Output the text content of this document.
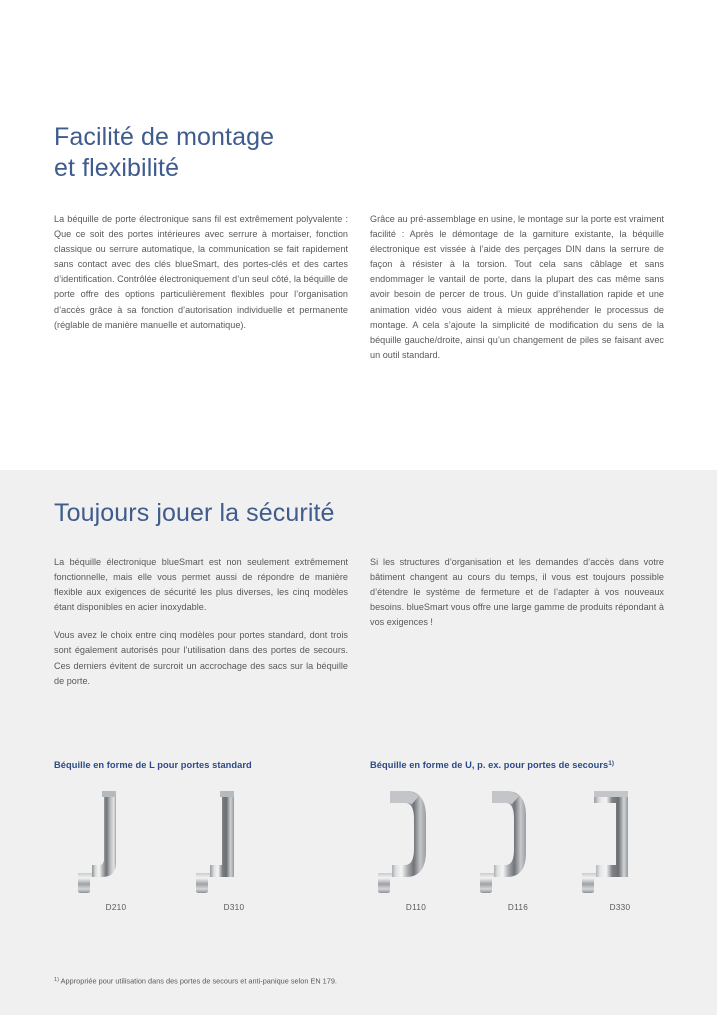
Facilité de montage
et flexibilité

La béquille de porte électronique sans fil est extrêmement polyvalente : Que ce soit des portes intérieures avec serrure à mortaiser, fonction classique ou serrure automatique, la communication se fait rapidement sans contact avec des clés blueSmart, des portes-clés et des cartes d’identification. Contrôlée électroniquement d’un seul côté, la béquille de porte offre des options particulièrement flexibles pour l’organisation d’accès grâce à sa fonction d’autorisation individuelle et permanente (réglable de manière manuelle et automatique).

Grâce au pré-assemblage en usine, le montage sur la porte est vraiment facilité : Après le démontage de la garniture existante, la béquille électronique est vissée à l’aide des perçages DIN dans la serrure de façon à résister à la torsion. Tout cela sans câblage et sans endommager le vantail de porte, dans la plupart des cas même sans avoir besoin de percer de trous. Un guide d’installation rapide et une animation vidéo vous aident à mieux appréhender le processus de montage. A cela s’ajoute la simplicité de modification du sens de la béquille gauche/droite, ainsi qu’un changement de piles se faisant avec un outil standard.

Toujours jouer la sécurité

La béquille électronique blueSmart est non seulement extrêmement fonctionnelle, mais elle vous permet aussi de répondre de manière flexible aux exigences de sécurité les plus diverses, les cinq modèles étant disponibles en acier inoxydable.

Vous avez le choix entre cinq modèles pour portes standard, dont trois sont également autorisés pour l’utilisation dans des portes de secours. Ces derniers évitent de surcroit un accrochage des sacs sur la béquille de porte.

Si les structures d’organisation et les demandes d’accès dans votre bâtiment changent au cours du temps, il vous est toujours possible d’étendre le système de fermeture et de l’adapter à vos nouveaux besoins. blueSmart vous offre une large gamme de produits répondant à vos exigences !

Béquille en forme de L pour portes standard	Béquille en forme de U, p. ex. pour portes de secours$^{1)}$
D210	D310	D110	D116	D330

$^{1)}$ Appropriée pour utilisation dans des portes de secours et anti-panique selon EN 179.
